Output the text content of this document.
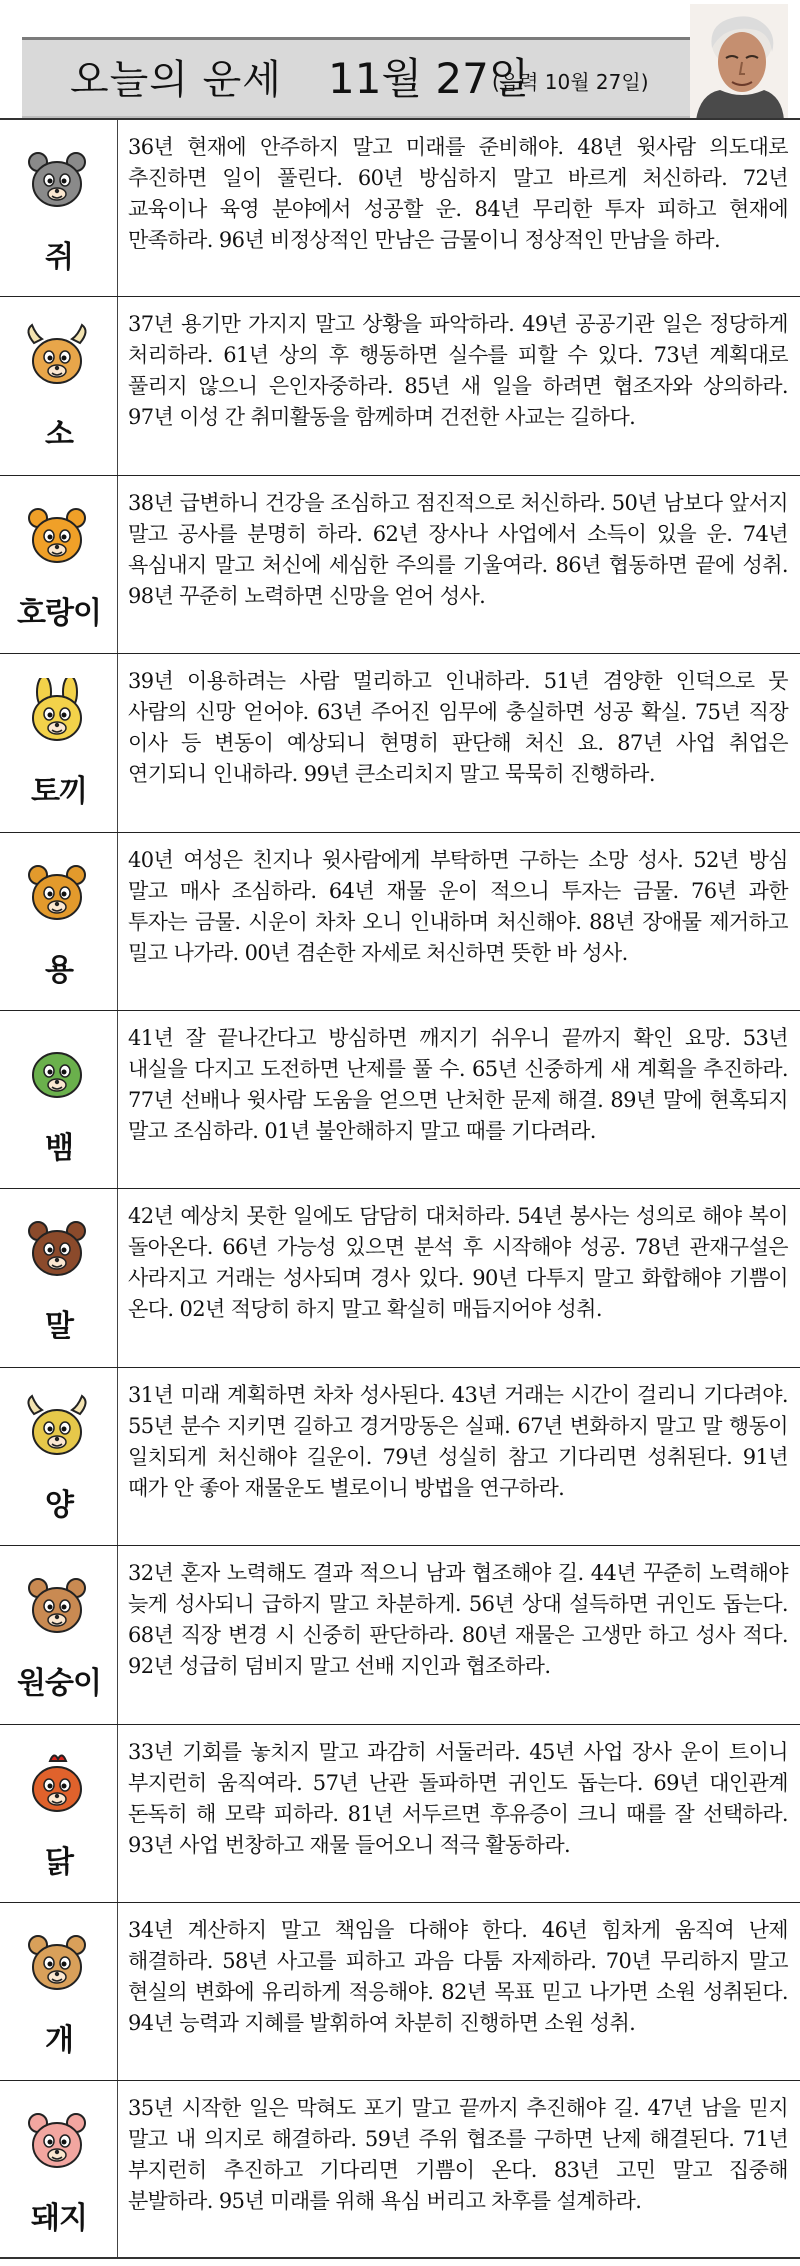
오늘의 운세 11월 27일
(음력 10월 27일)
쥐
36년 현재에 안주하지 말고 미래를 준비해야. 48년 윗사람 의도대로 추진하면 일이 풀린다. 60년 방심하지 말고 바르게 처신하라. 72년 교육이나 육영 분야에서 성공할 운. 84년 무리한 투자 피하고 현재에 만족하라. 96년 비정상적인 만남은 금물이니 정상적인 만남을 하라.
소
37년 용기만 가지지 말고 상황을 파악하라. 49년 공공기관 일은 정당하게 처리하라. 61년 상의 후 행동하면 실수를 피할 수 있다. 73년 계획대로 풀리지 않으니 은인자중하라. 85년 새 일을 하려면 협조자와 상의하라. 97년 이성 간 취미활동을 함께하며 건전한 사교는 길하다.
호랑이
38년 급변하니 건강을 조심하고 점진적으로 처신하라. 50년 남보다 앞서지 말고 공사를 분명히 하라. 62년 장사나 사업에서 소득이 있을 운. 74년 욕심내지 말고 처신에 세심한 주의를 기울여라. 86년 협동하면 끝에 성취. 98년 꾸준히 노력하면 신망을 얻어 성사.
토끼
39년 이용하려는 사람 멀리하고 인내하라. 51년 겸양한 인덕으로 뭇 사람의 신망 얻어야. 63년 주어진 임무에 충실하면 성공 확실. 75년 직장 이사 등 변동이 예상되니 현명히 판단해 처신 요. 87년 사업 취업은 연기되니 인내하라. 99년 큰소리치지 말고 묵묵히 진행하라.
용
40년 여성은 친지나 윗사람에게 부탁하면 구하는 소망 성사. 52년 방심 말고 매사 조심하라. 64년 재물 운이 적으니 투자는 금물. 76년 과한 투자는 금물. 시운이 차차 오니 인내하며 처신해야. 88년 장애물 제거하고 밀고 나가라. 00년 겸손한 자세로 처신하면 뜻한 바 성사.
뱀
41년 잘 끝나간다고 방심하면 깨지기 쉬우니 끝까지 확인 요망. 53년 내실을 다지고 도전하면 난제를 풀 수. 65년 신중하게 새 계획을 추진하라. 77년 선배나 윗사람 도움을 얻으면 난처한 문제 해결. 89년 말에 현혹되지 말고 조심하라. 01년 불안해하지 말고 때를 기다려라.
말
42년 예상치 못한 일에도 담담히 대처하라. 54년 봉사는 성의로 해야 복이 돌아온다. 66년 가능성 있으면 분석 후 시작해야 성공. 78년 관재구설은 사라지고 거래는 성사되며 경사 있다. 90년 다투지 말고 화합해야 기쁨이 온다. 02년 적당히 하지 말고 확실히 매듭지어야 성취.
양
31년 미래 계획하면 차차 성사된다. 43년 거래는 시간이 걸리니 기다려야. 55년 분수 지키면 길하고 경거망동은 실패. 67년 변화하지 말고 말 행동이 일치되게 처신해야 길운이. 79년 성실히 참고 기다리면 성취된다. 91년 때가 안 좋아 재물운도 별로이니 방법을 연구하라.
원숭이
32년 혼자 노력해도 결과 적으니 남과 협조해야 길. 44년 꾸준히 노력해야 늦게 성사되니 급하지 말고 차분하게. 56년 상대 설득하면 귀인도 돕는다. 68년 직장 변경 시 신중히 판단하라. 80년 재물은 고생만 하고 성사 적다. 92년 성급히 덤비지 말고 선배 지인과 협조하라.
닭
33년 기회를 놓치지 말고 과감히 서둘러라. 45년 사업 장사 운이 트이니 부지런히 움직여라. 57년 난관 돌파하면 귀인도 돕는다. 69년 대인관계 돈독히 해 모략 피하라. 81년 서두르면 후유증이 크니 때를 잘 선택하라. 93년 사업 번창하고 재물 들어오니 적극 활동하라.
개
34년 계산하지 말고 책임을 다해야 한다. 46년 힘차게 움직여 난제 해결하라. 58년 사고를 피하고 과음 다툼 자제하라. 70년 무리하지 말고 현실의 변화에 유리하게 적응해야. 82년 목표 믿고 나가면 소원 성취된다. 94년 능력과 지혜를 발휘하여 차분히 진행하면 소원 성취.
돼지
35년 시작한 일은 막혀도 포기 말고 끝까지 추진해야 길. 47년 남을 믿지 말고 내 의지로 해결하라. 59년 주위 협조를 구하면 난제 해결된다. 71년 부지런히 추진하고 기다리면 기쁨이 온다. 83년 고민 말고 집중해 분발하라. 95년 미래를 위해 욕심 버리고 차후를 설계하라.
